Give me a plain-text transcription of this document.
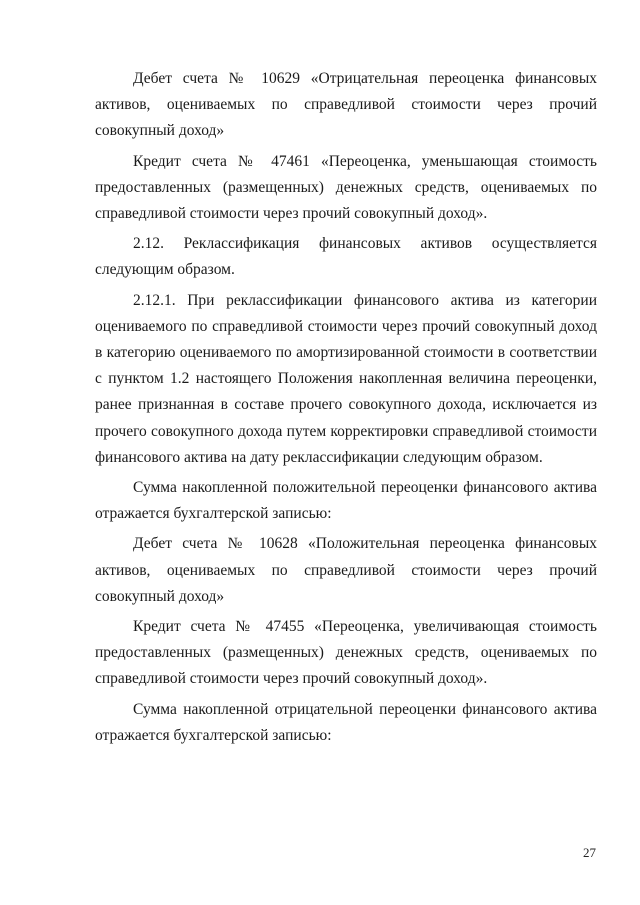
Дебет счета № 10629 «Отрицательная переоценка финансовых активов, оцениваемых по справедливой стоимости через прочий совокупный доход»

Кредит счета № 47461 «Переоценка, уменьшающая стоимость предоставленных (размещенных) денежных средств, оцениваемых по справедливой стоимости через прочий совокупный доход».

2.12. Реклассификация финансовых активов осуществляется следующим образом.

2.12.1. При реклассификации финансового актива из категории оцениваемого по справедливой стоимости через прочий совокупный доход в категорию оцениваемого по амортизированной стоимости в соответствии с пунктом 1.2 настоящего Положения накопленная величина переоценки, ранее признанная в составе прочего совокупного дохода, исключается из прочего совокупного дохода путем корректировки справедливой стоимости финансового актива на дату реклассификации следующим образом.

Сумма накопленной положительной переоценки финансового актива отражается бухгалтерской записью:

Дебет счета № 10628 «Положительная переоценка финансовых активов, оцениваемых по справедливой стоимости через прочий совокупный доход»

Кредит счета № 47455 «Переоценка, увеличивающая стоимость предоставленных (размещенных) денежных средств, оцениваемых по справедливой стоимости через прочий совокупный доход».

Сумма накопленной отрицательной переоценки финансового актива отражается бухгалтерской записью:

27
